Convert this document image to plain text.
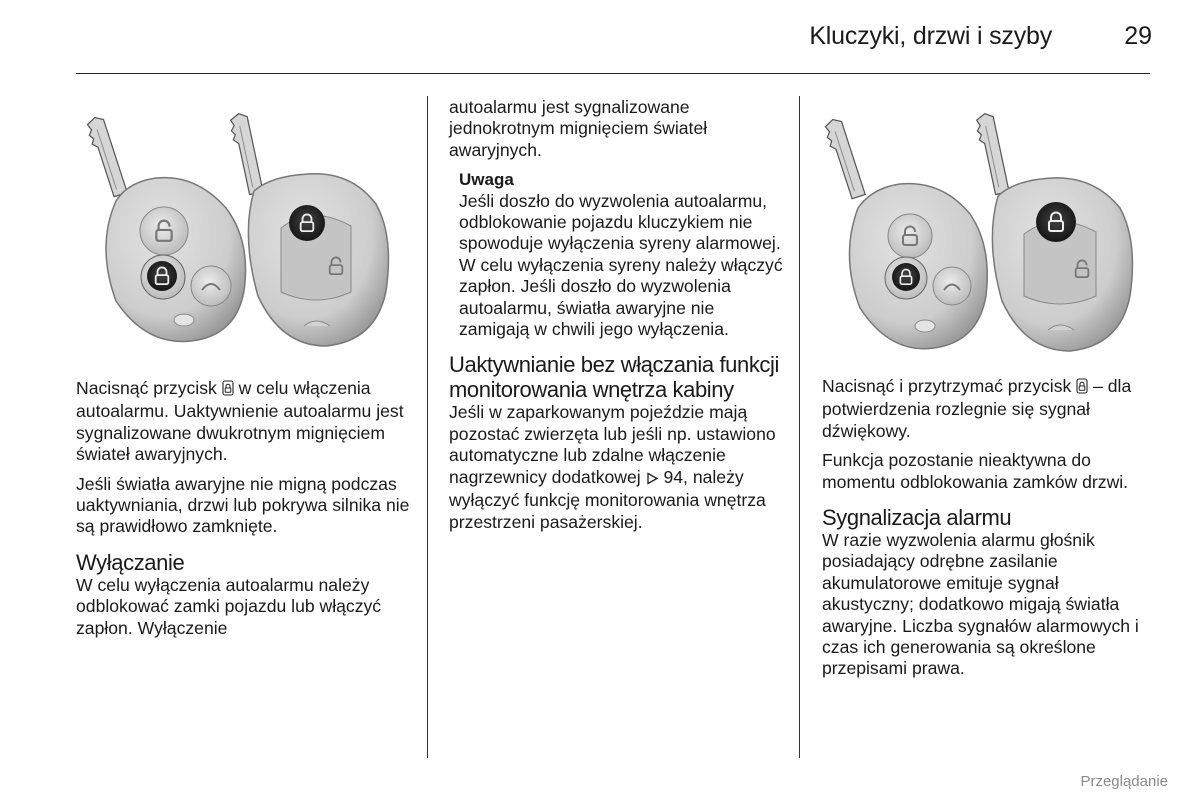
Kluczyki, drzwi i szyby	29

Nacisnąć przycisk w celu włączenia autoalarmu. Uaktywnienie autoalarmu jest sygnalizowane dwukrotnym mignięciem świateł awaryjnych.

Jeśli światła awaryjne nie migną podczas uaktywniania, drzwi lub pokrywa silnika nie są prawidłowo zamknięte.

Wyłączanie

W celu wyłączenia autoalarmu należy odblokować zamki pojazdu lub włączyć zapłon. Wyłączenie

autoalarmu jest sygnalizowane jednokrotnym mignięciem świateł awaryjnych.

Uwaga
Jeśli doszło do wyzwolenia autoalarmu, odblokowanie pojazdu kluczykiem nie spowoduje wyłączenia syreny alarmowej.
W celu wyłączenia syreny należy włączyć zapłon. Jeśli doszło do wyzwolenia autoalarmu, światła awaryjne nie zamigają w chwili jego wyłączenia.
Uaktywnianie bez włączania funkcji monitorowania wnętrza kabiny

Jeśli w zaparkowanym pojeździe mają pozostać zwierzęta lub jeśli np. ustawiono automatyczne lub zdalne włączenie nagrzewnicy dodatkowej 94, należy wyłączyć funkcję monitorowania wnętrza przestrzeni pasażerskiej.

Nacisnąć i przytrzymać przycisk – dla potwierdzenia rozlegnie się sygnał dźwiękowy.

Funkcja pozostanie nieaktywna do momentu odblokowania zamków drzwi.

Sygnalizacja alarmu

W razie wyzwolenia alarmu głośnik posiadający odrębne zasilanie akumulatorowe emituje sygnał akustyczny; dodatkowo migają światła awaryjne. Liczba sygnałów alarmowych i czas ich generowania są określone przepisami prawa.

Przeglądanie
